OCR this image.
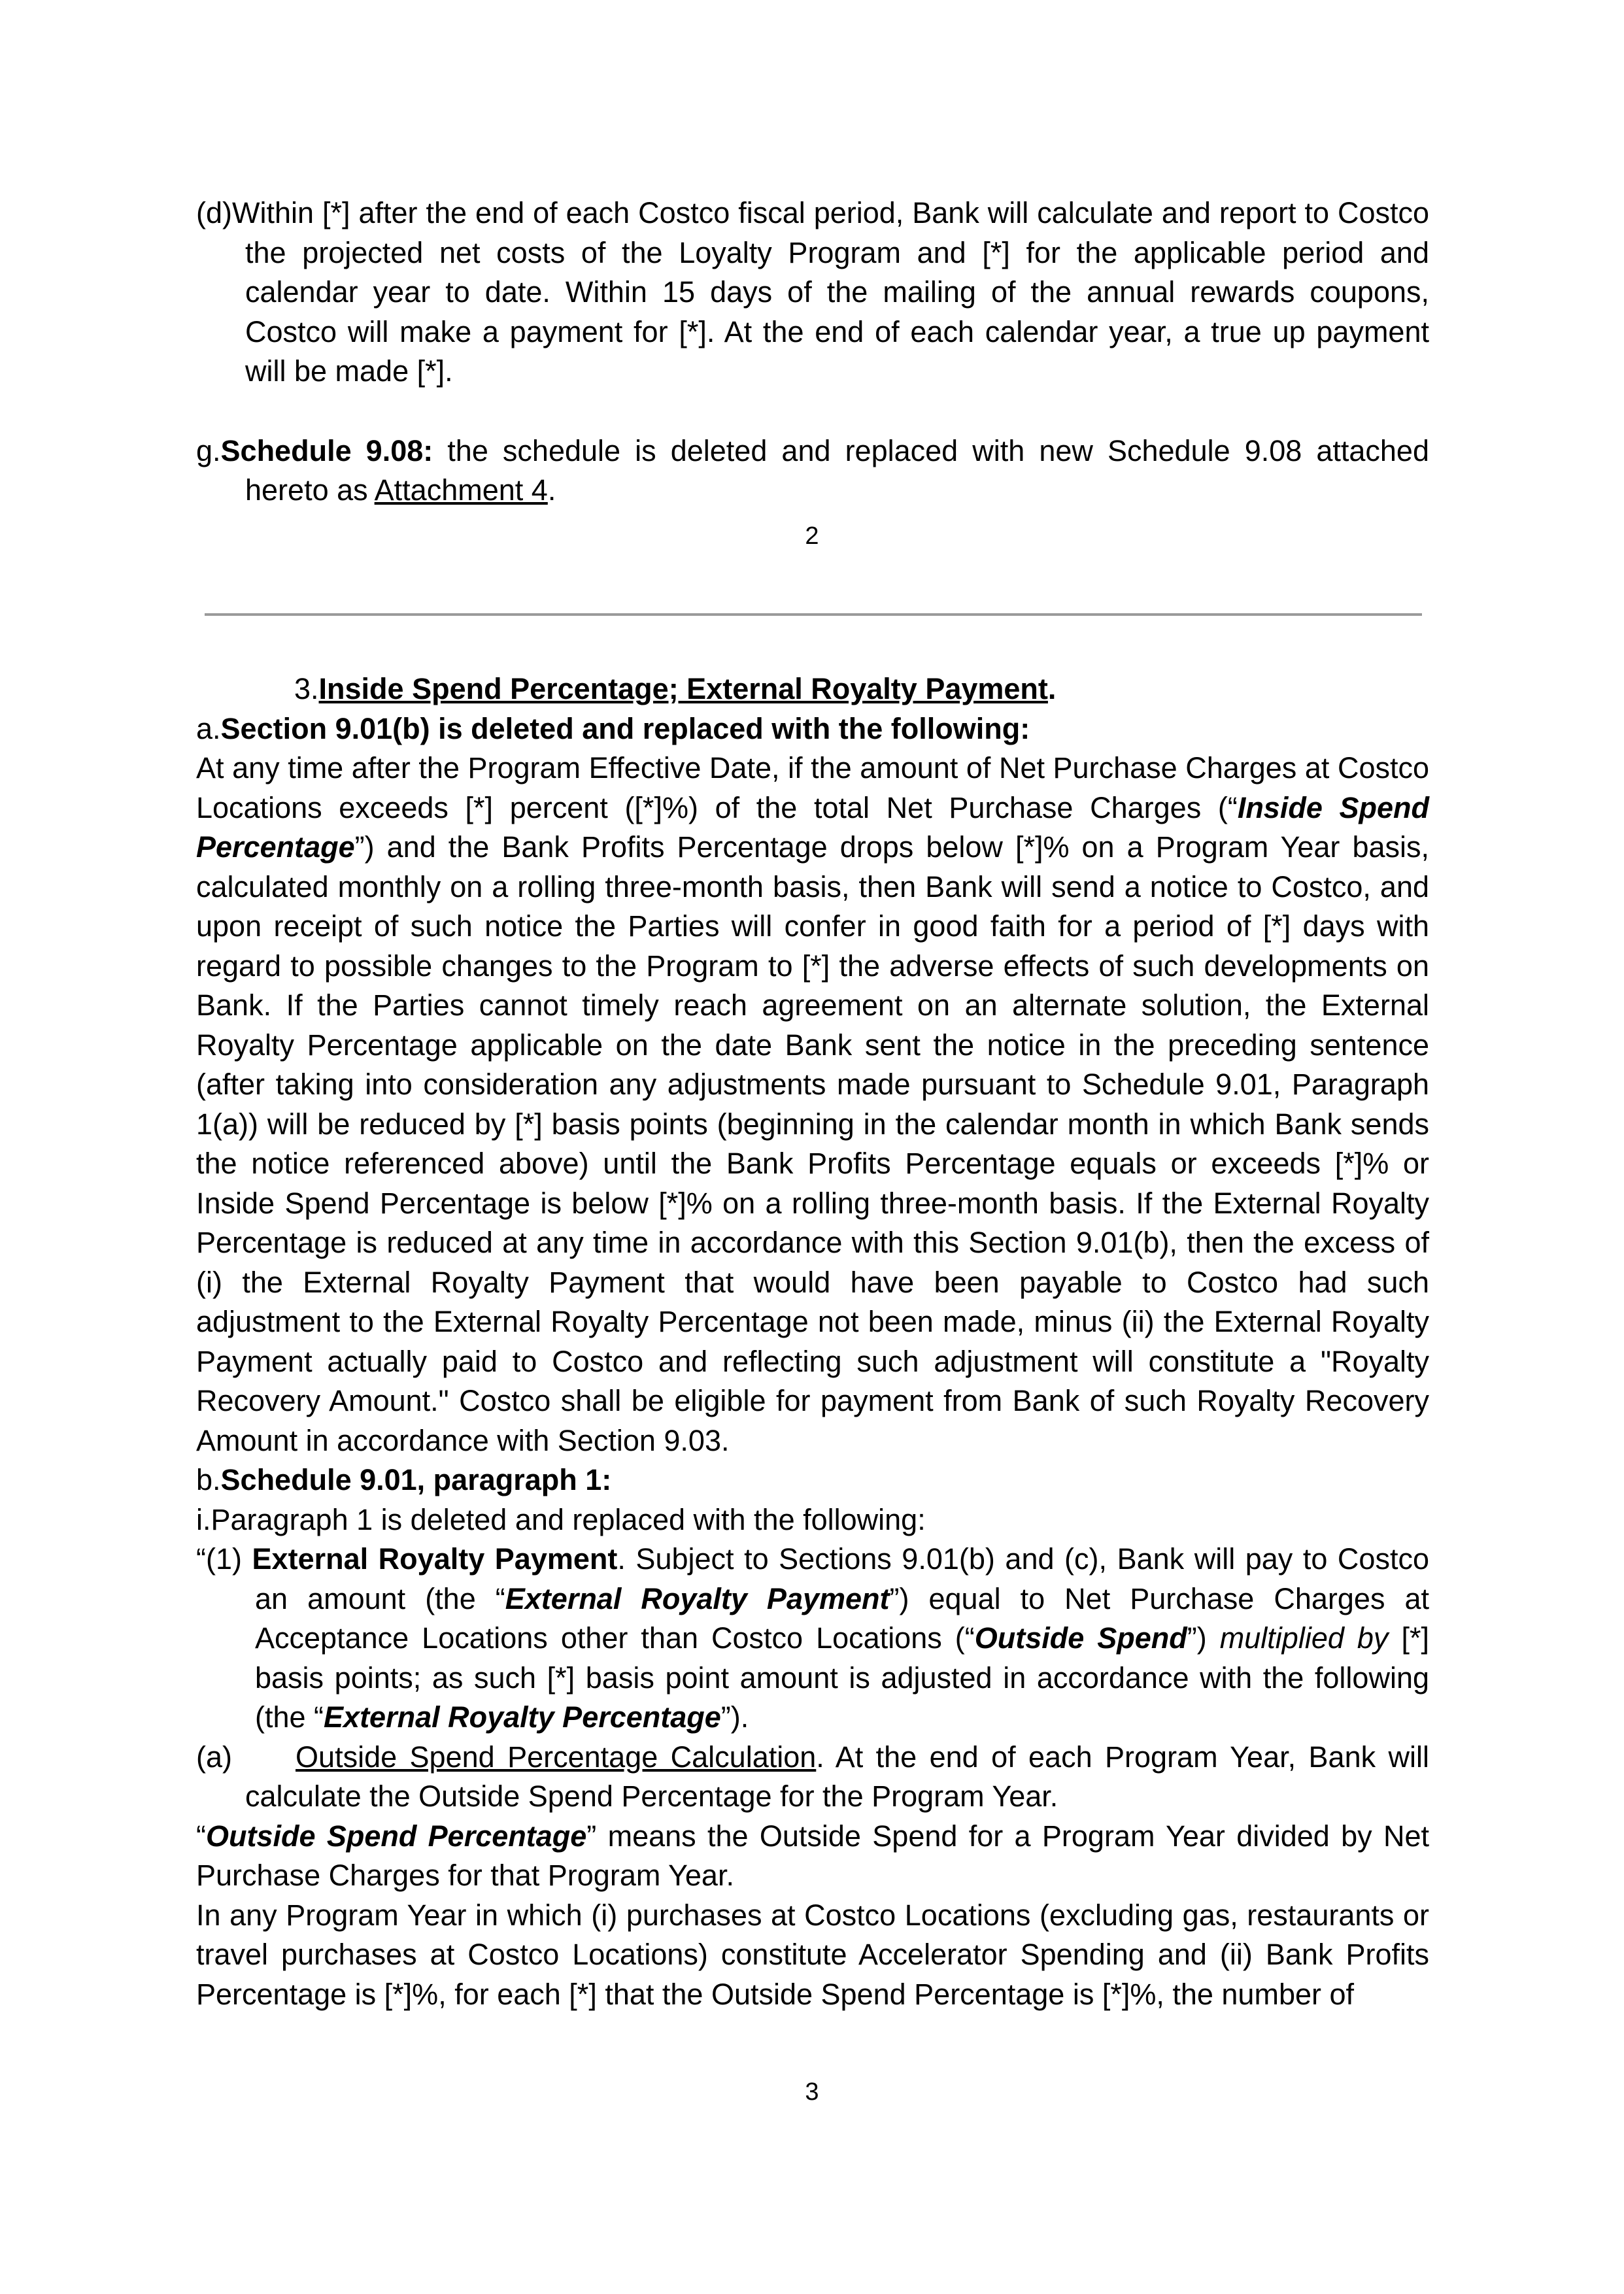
(d)Within [*] after the end of each Costco fiscal period, Bank will calculate and report to Costco the projected net costs of the Loyalty Program and [*] for the applicable period and calendar year to date. Within 15 days of the mailing of the annual rewards coupons, Costco will make a payment for [*]. At the end of each calendar year, a true up payment will be made [*].

g.Schedule 9.08: the schedule is deleted and replaced with new Schedule 9.08 attached hereto as Attachment 4.

2

3.Inside Spend Percentage; External Royalty Payment.

a.Section 9.01(b) is deleted and replaced with the following:

At any time after the Program Effective Date, if the amount of Net Purchase Charges at Costco Locations exceeds [*] percent ([*]%) of the total Net Purchase Charges (“Inside Spend Percentage”) and the Bank Profits Percentage drops below [*]% on a Program Year basis, calculated monthly on a rolling three-month basis, then Bank will send a notice to Costco, and upon receipt of such notice the Parties will confer in good faith for a period of [*] days with regard to possible changes to the Program to [*] the adverse effects of such developments on Bank. If the Parties cannot timely reach agreement on an alternate solution, the External Royalty Percentage applicable on the date Bank sent the notice in the preceding sentence (after taking into consideration any adjustments made pursuant to Schedule 9.01, Paragraph 1(a)) will be reduced by [*] basis points (beginning in the calendar month in which Bank sends the notice referenced above) until the Bank Profits Percentage equals or exceeds [*]% or Inside Spend Percentage is below [*]% on a rolling three-month basis. If the External Royalty Percentage is reduced at any time in accordance with this Section 9.01(b), then the excess of (i) the External Royalty Payment that would have been payable to Costco had such adjustment to the External Royalty Percentage not been made, minus (ii) the External Royalty Payment actually paid to Costco and reflecting such adjustment will constitute a "Royalty Recovery Amount." Costco shall be eligible for payment from Bank of such Royalty Recovery Amount in accordance with Section 9.03.

b.Schedule 9.01, paragraph 1:

i.Paragraph 1 is deleted and replaced with the following:

“(1) External Royalty Payment. Subject to Sections 9.01(b) and (c), Bank will pay to Costco an amount (the “External Royalty Payment”) equal to Net Purchase Charges at Acceptance Locations other than Costco Locations (“Outside Spend”) multiplied by [*] basis points; as such [*] basis point amount is adjusted in accordance with the following (the “External Royalty Percentage”).

(a)     Outside Spend Percentage Calculation. At the end of each Program Year, Bank will calculate the Outside Spend Percentage for the Program Year.

“Outside Spend Percentage” means the Outside Spend for a Program Year divided by Net Purchase Charges for that Program Year.

In any Program Year in which (i) purchases at Costco Locations (excluding gas, restaurants or travel purchases at Costco Locations) constitute Accelerator Spending and (ii) Bank Profits Percentage is [*]%, for each [*] that the Outside Spend Percentage is [*]%, the number of

3
